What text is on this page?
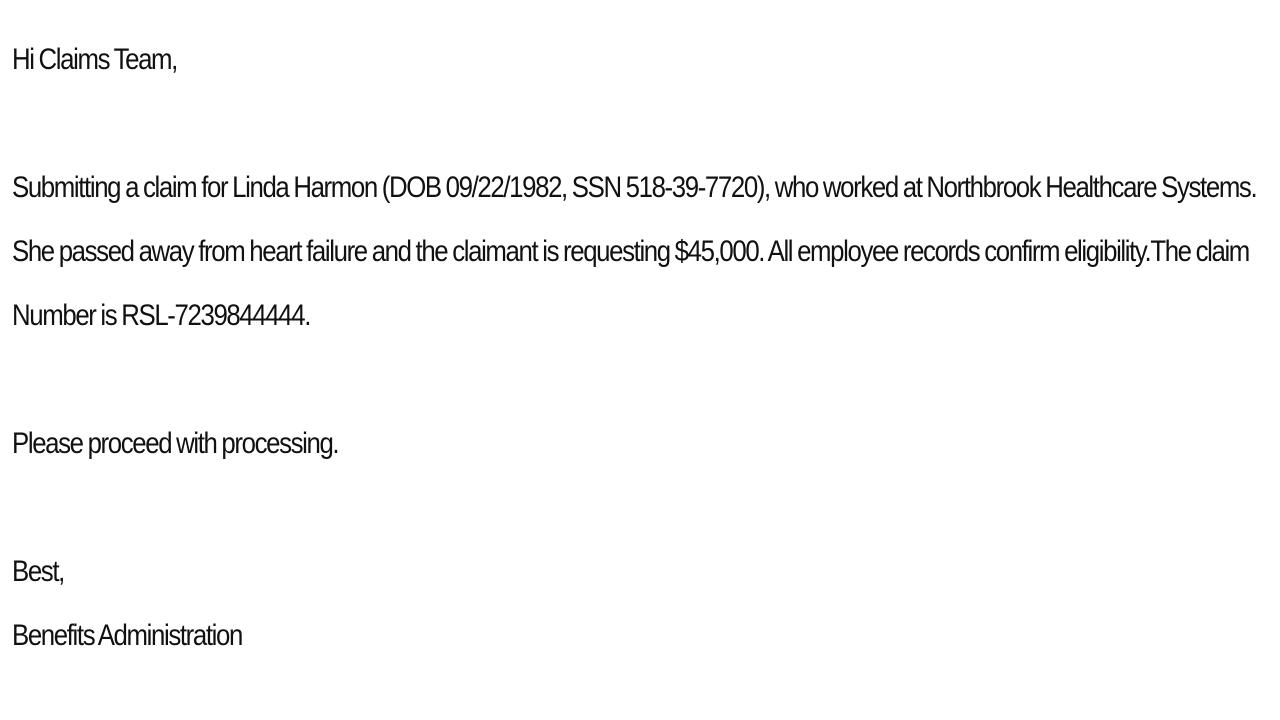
Hi Claims Team,

Submitting a claim for Linda Harmon (DOB 09/22/1982, SSN 518-39-7720), who worked at Northbrook Healthcare Systems. She passed away from heart failure and the claimant is requesting $45,000. All employee records confirm eligibility.The claim Number is RSL-7239844444.

Please proceed with processing.

Best,

Benefits Administration
